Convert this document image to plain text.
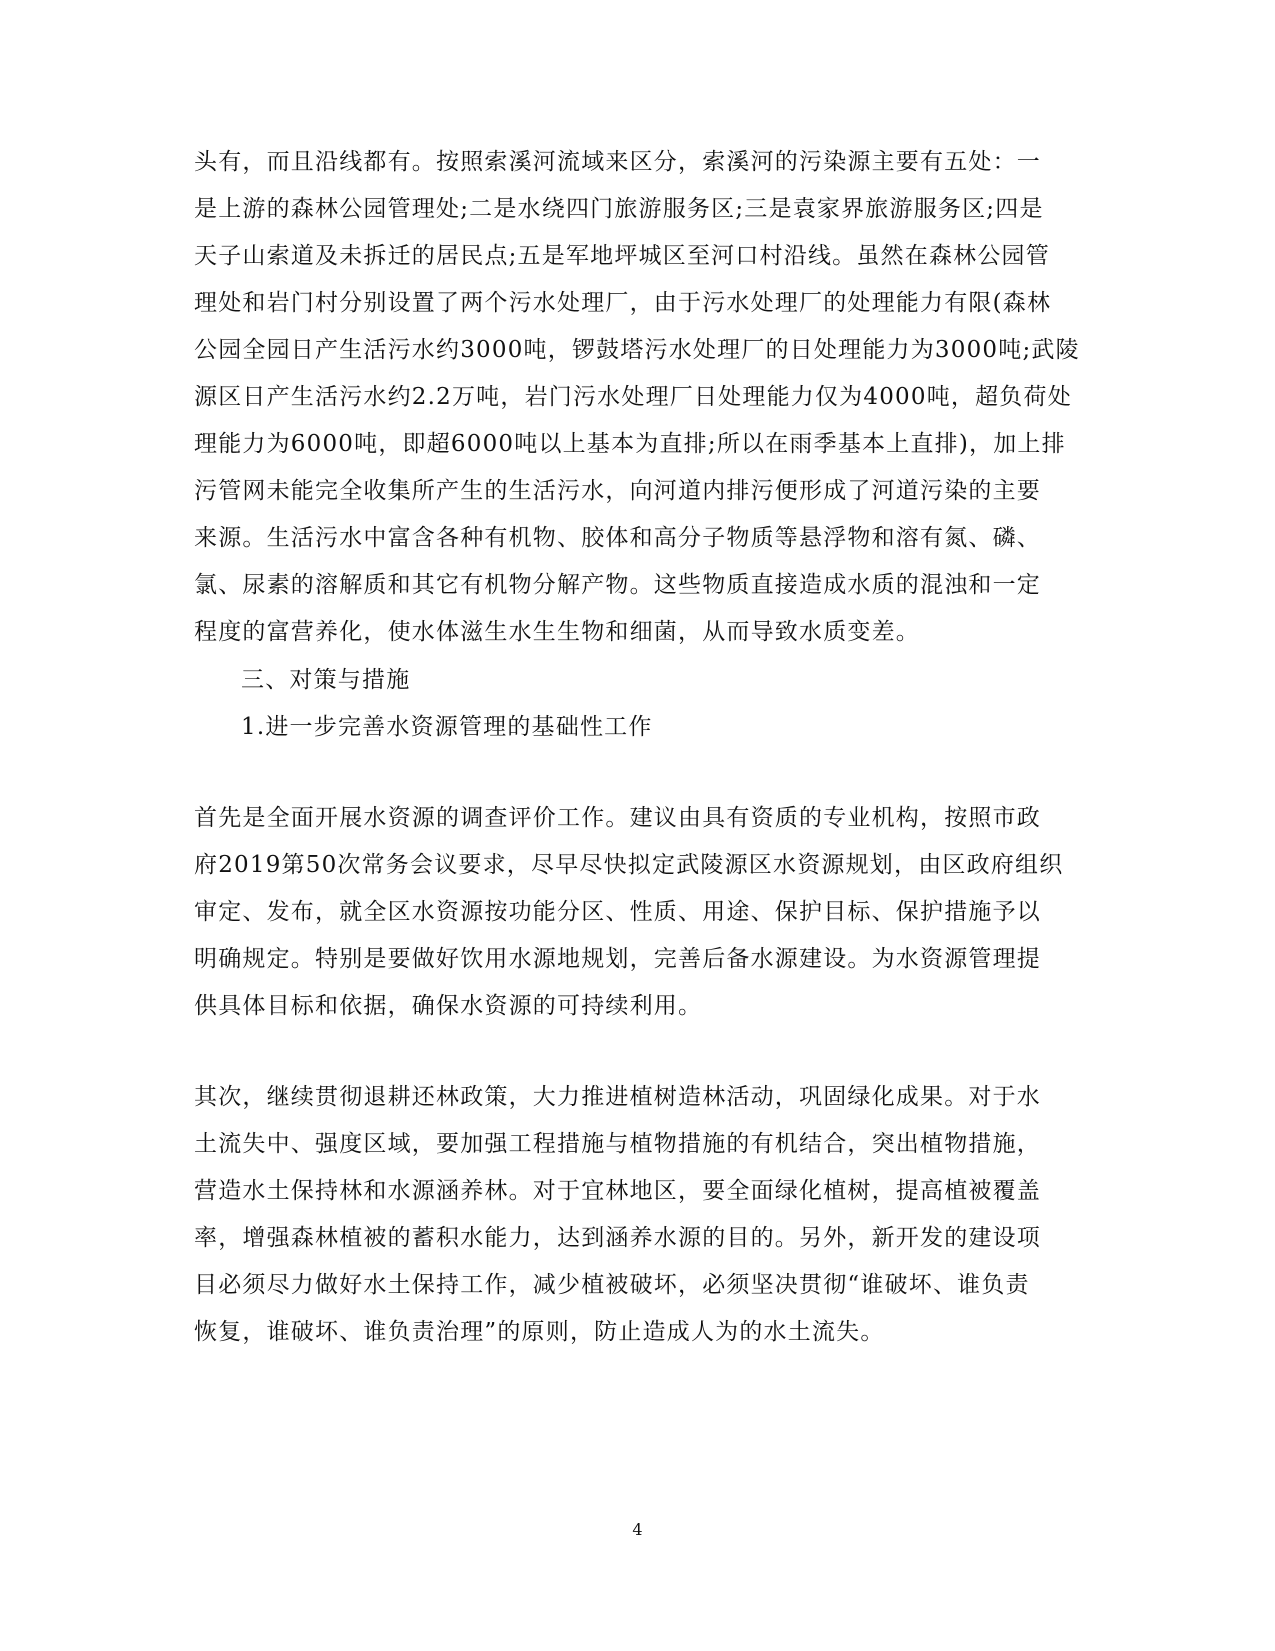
头有，而且沿线都有。按照索溪河流域来区分，索溪河的污染源主要有五处：一
是上游的森林公园管理处;二是水绕四门旅游服务区;三是袁家界旅游服务区;四是
天子山索道及未拆迁的居民点;五是军地坪城区至河口村沿线。虽然在森林公园管
理处和岩门村分别设置了两个污水处理厂，由于污水处理厂的处理能力有限(森林
公园全园日产生活污水约3000吨，锣鼓塔污水处理厂的日处理能力为3000吨;武陵
源区日产生活污水约2.2万吨，岩门污水处理厂日处理能力仅为4000吨，超负荷处
理能力为6000吨，即超6000吨以上基本为直排;所以在雨季基本上直排)，加上排
污管网未能完全收集所产生的生活污水，向河道内排污便形成了河道污染的主要
来源。生活污水中富含各种有机物、胶体和高分子物质等悬浮物和溶有氮、磷、
氯、尿素的溶解质和其它有机物分解产物。这些物质直接造成水质的混浊和一定
程度的富营养化，使水体滋生水生生物和细菌，从而导致水质变差。
三、对策与措施
1.进一步完善水资源管理的基础性工作
首先是全面开展水资源的调查评价工作。建议由具有资质的专业机构，按照市政
府2019第50次常务会议要求，尽早尽快拟定武陵源区水资源规划，由区政府组织
审定、发布，就全区水资源按功能分区、性质、用途、保护目标、保护措施予以
明确规定。特别是要做好饮用水源地规划，完善后备水源建设。为水资源管理提
供具体目标和依据，确保水资源的可持续利用。
其次，继续贯彻退耕还林政策，大力推进植树造林活动，巩固绿化成果。对于水
土流失中、强度区域，要加强工程措施与植物措施的有机结合，突出植物措施，
营造水土保持林和水源涵养林。对于宜林地区，要全面绿化植树，提高植被覆盖
率，增强森林植被的蓄积水能力，达到涵养水源的目的。另外，新开发的建设项
目必须尽力做好水土保持工作，减少植被破坏，必须坚决贯彻“谁破坏、谁负责
恢复，谁破坏、谁负责治理”的原则，防止造成人为的水土流失。
4
